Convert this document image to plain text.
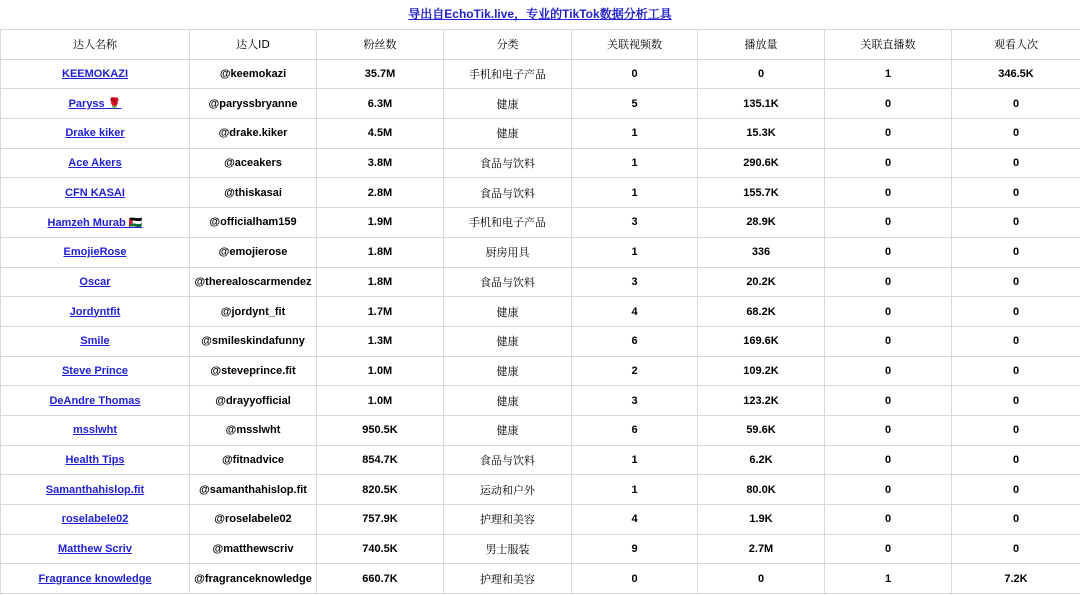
导出自EchoTik.live，专业的TikTok数据分析工具
达人名称	达人ID	粉丝数	分类	关联视频数	播放量	关联直播数	观看人次
KEEMOKAZI	@keemokazi	35.7M	手机和电子产品	0	0	1	346.5K
Paryss 🌹	@paryssbryanne	6.3M	健康	5	135.1K	0	0
Drake kiker	@drake.kiker	4.5M	健康	1	15.3K	0	0
Ace Akers	@aceakers	3.8M	食品与饮料	1	290.6K	0	0
CFN KASAI	@thiskasai	2.8M	食品与饮料	1	155.7K	0	0
Hamzeh Murab 🇵🇸	@officialham159	1.9M	手机和电子产品	3	28.9K	0	0
EmojieRose	@emojierose	1.8M	厨房用具	1	336	0	0
Oscar	@therealoscarmendez	1.8M	食品与饮料	3	20.2K	0	0
Jordyntfit	@jordynt_fit	1.7M	健康	4	68.2K	0	0
Smile	@smileskindafunny	1.3M	健康	6	169.6K	0	0
Steve Prince	@steveprince.fit	1.0M	健康	2	109.2K	0	0
DeAndre Thomas	@drayyofficial	1.0M	健康	3	123.2K	0	0
msslwht	@msslwht	950.5K	健康	6	59.6K	0	0
Health Tips	@fitnadvice	854.7K	食品与饮料	1	6.2K	0	0
Samanthahislop.fit	@samanthahislop.fit	820.5K	运动和户外	1	80.0K	0	0
roselabele02	@roselabele02	757.9K	护理和美容	4	1.9K	0	0
Matthew Scriv	@matthewscriv	740.5K	男士服装	9	2.7M	0	0
Fragrance knowledge	@fragranceknowledge	660.7K	护理和美容	0	0	1	7.2K
